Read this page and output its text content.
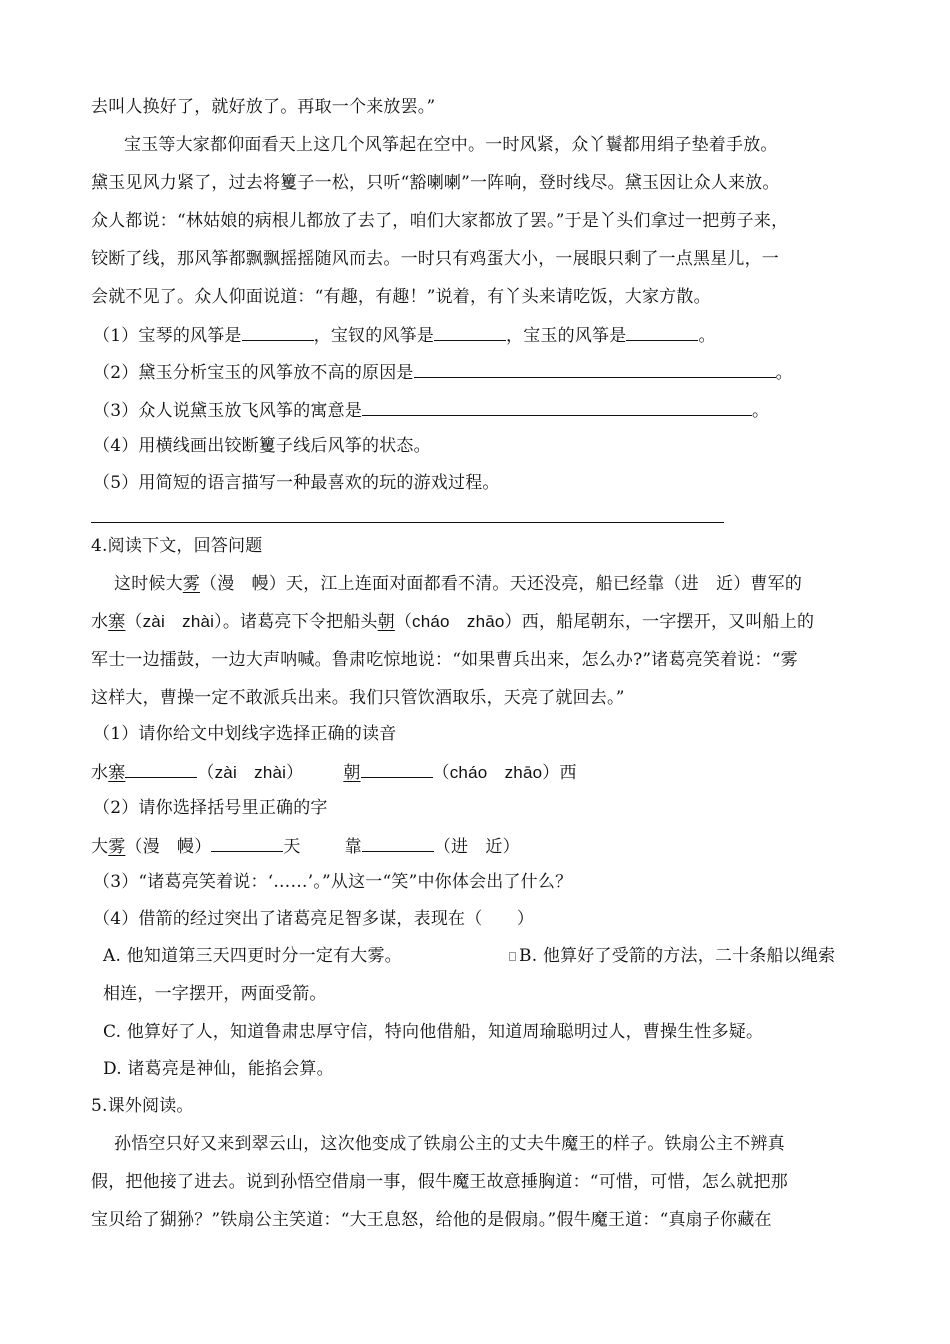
去叫人换好了，就好放了。再取一个来放罢。”
宝玉等大家都仰面看天上这几个风筝起在空中。一时风紧，众丫鬟都用绢子垫着手放。
黛玉见风力紧了，过去将籰子一松，只听“豁喇喇”一阵响，登时线尽。黛玉因让众人来放。
众人都说：“林姑娘的病根儿都放了去了，咱们大家都放了罢。”于是丫头们拿过一把剪子来，
铰断了线，那风筝都飘飘摇摇随风而去。一时只有鸡蛋大小，一展眼只剩了一点黑星儿，一
会就不见了。众人仰面说道：“有趣，有趣！”说着，有丫头来请吃饭，大家方散。
（1）宝琴的风筝是	，宝钗的风筝是	，宝玉的风筝是	。
（2）黛玉分析宝玉的风筝放不高的原因是	。
（3）众人说黛玉放飞风筝的寓意是	。
（4）用横线画出铰断籰子线后风筝的状态。
（5）用简短的语言描写一种最喜欢的玩的游戏过程。
4.阅读下文，回答问题
这时候大雾（漫　幔）天，江上连面对面都看不清。天还没亮，船已经靠（进　近）曹军的
水寨（zài　zhài）。诸葛亮下令把船头朝（cháo　zhāo）西，船尾朝东，一字摆开，又叫船上的
军士一边擂鼓，一边大声呐喊。鲁肃吃惊地说：“如果曹兵出来，怎么办?”诸葛亮笑着说：“雾
这样大，曹操一定不敢派兵出来。我们只管饮酒取乐，天亮了就回去。”
（1）请你给文中划线字选择正确的读音
水寨	（zài　zhài） 朝	（cháo　zhāo）西
（2）请你选择括号里正确的字
大雾（漫　幔）	天	靠	（进　近）
（3）“诸葛亮笑着说：‘……’。”从这一“笑”中你体会出了什么？
（4）借箭的经过突出了诸葛亮足智多谋，表现在（　　）
A. 他知道第三天四更时分一定有大雾。	B. 他算好了受箭的方法，二十条船以绳索
相连，一字摆开，两面受箭。
C. 他算好了人，知道鲁肃忠厚守信，特向他借船，知道周瑜聪明过人，曹操生性多疑。
D. 诸葛亮是神仙，能掐会算。
5.课外阅读。
孙悟空只好又来到翠云山，这次他变成了铁扇公主的丈夫牛魔王的样子。铁扇公主不辨真
假，把他接了进去。说到孙悟空借扇一事，假牛魔王故意捶胸道：“可惜，可惜，怎么就把那
宝贝给了猢狲？”铁扇公主笑道：“大王息怒，给他的是假扇。”假牛魔王道：“真扇子你藏在
